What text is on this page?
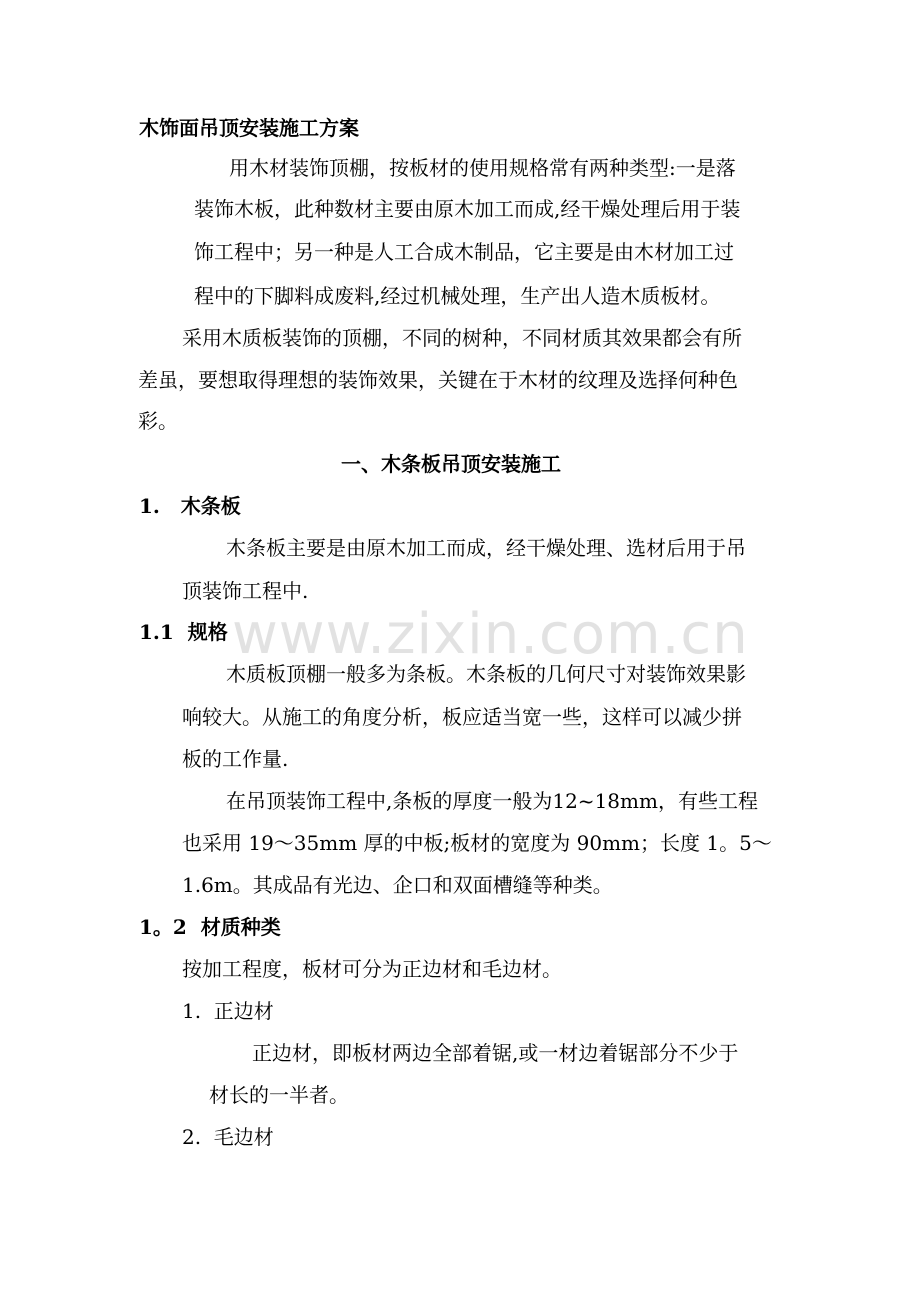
www.zixin.com.cn
木饰面吊顶安装施工方案
用木材装饰顶棚，按板材的使用规格常有两种类型:一是落
装饰木板，此种数材主要由原木加工而成,经干燥处理后用于装
饰工程中；另一种是人工合成木制品，它主要是由木材加工过
程中的下脚料成废料,经过机械处理，生产出人造木质板材。
采用木质板装饰的顶棚，不同的树种，不同材质其效果都会有所
差虽，要想取得理想的装饰效果，关键在于木材的纹理及选择何种色
彩。
一、木条板吊顶安装施工
1.   木条板
木条板主要是由原木加工而成，经干燥处理、选材后用于吊
顶装饰工程中.
1.1  规格
木质板顶棚一般多为条板。木条板的几何尺寸对装饰效果影
响较大。从施工的角度分析，板应适当宽一些，这样可以减少拼
板的工作量.
在吊顶装饰工程中,条板的厚度一般为12~18mm，有些工程
也采用 19～35mm 厚的中板;板材的宽度为 90mm；长度 1。5～
1.6m。其成品有光边、企口和双面槽缝等种类。
1。2  材质种类
按加工程度，板材可分为正边材和毛边材。
1.  正边材
正边材，即板材两边全部着锯,或一材边着锯部分不少于
材长的一半者。
2.  毛边材
